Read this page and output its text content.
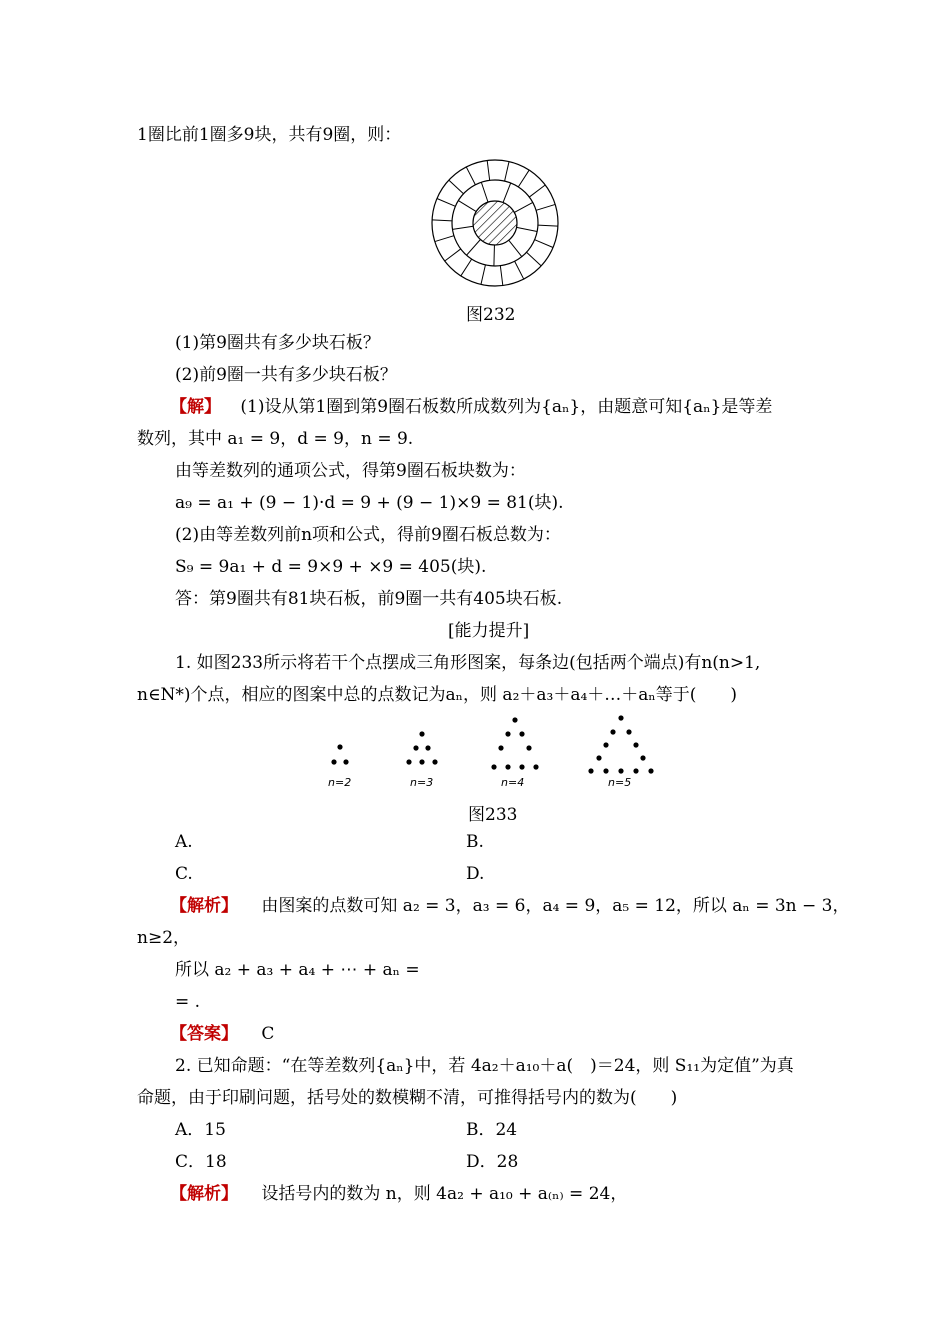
1圈比前1圈多9块，共有9圈，则：
图232
(1)第9圈共有多少块石板？
(2)前9圈一共有多少块石板？
【解】 (1)设从第1圈到第9圈石板数所成数列为{aₙ}，由题意可知{aₙ}是等差
数列，其中 a₁ = 9，d = 9，n = 9.
由等差数列的通项公式，得第9圈石板块数为：
a₉ = a₁ + (9 − 1)·d = 9 + (9 − 1)×9 = 81(块).
(2)由等差数列前n项和公式，得前9圈石板总数为：
S₉ = 9a₁ + d = 9×9 + ×9 = 405(块).
答：第9圈共有81块石板，前9圈一共有405块石板.
[能力提升]
1. 如图233所示将若干个点摆成三角形图案，每条边(包括两个端点)有n(n>1,
n∈N*)个点，相应的图案中总的点数记为aₙ，则 a₂＋a₃＋a₄＋…＋aₙ等于(　　)
n=2	n=3	n=4	n=5
图233
A.	B.
C.	D.
【解析】 由图案的点数可知 a₂ = 3，a₃ = 6，a₄ = 9，a₅ = 12，所以 aₙ = 3n − 3，
n≥2，
所以 a₂ + a₃ + a₄ + ⋯ + aₙ =
= .
【答案】 C
2. 已知命题：“在等差数列{aₙ}中，若 4a₂＋a₁₀＋a(　)＝24，则 S₁₁为定值”为真
命题，由于印刷问题，括号处的数模糊不清，可推得括号内的数为(　　)
A．15	B．24
C．18	D．28
【解析】 设括号内的数为 n，则 4a₂ + a₁₀ + a₍ₙ₎ = 24，
